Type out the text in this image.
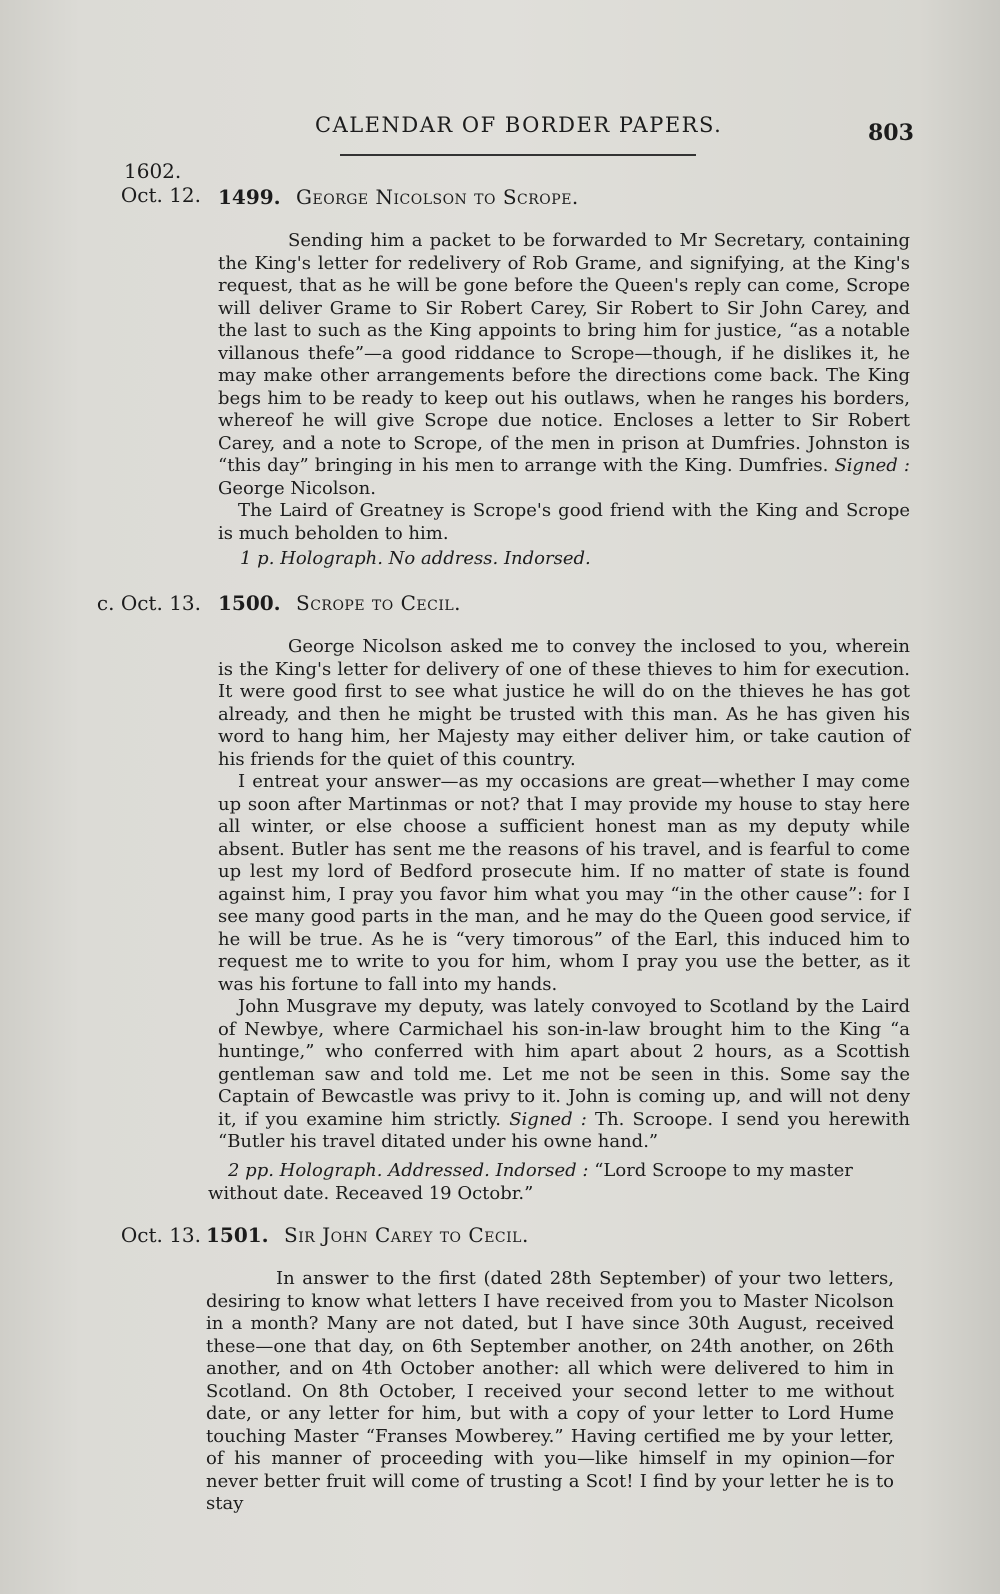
CALENDAR OF BORDER PAPERS.	803
1602.
Oct. 12. 1499. George Nicolson to Scrope.

Sending him a packet to be forwarded to Mr Secretary, containing the King's letter for redelivery of Rob Grame, and signifying, at the King's request, that as he will be gone before the Queen's reply can come, Scrope will deliver Grame to Sir Robert Carey, Sir Robert to Sir John Carey, and the last to such as the King appoints to bring him for justice, “as a notable villanous thefe”—a good riddance to Scrope—though, if he dislikes it, he may make other arrangements before the directions come back. The King begs him to be ready to keep out his outlaws, when he ranges his borders, whereof he will give Scrope due notice. Encloses a letter to Sir Robert Carey, and a note to Scrope, of the men in prison at Dumfries. Johnston is “this day” bringing in his men to arrange with the King. Dumfries. Signed : George Nicolson.

The Laird of Greatney is Scrope's good friend with the King and Scrope is much beholden to him.

1 p. Holograph. No address. Indorsed.
c. Oct. 13. 1500. Scrope to Cecil.

George Nicolson asked me to convey the inclosed to you, wherein is the King's letter for delivery of one of these thieves to him for execution. It were good first to see what justice he will do on the thieves he has got already, and then he might be trusted with this man. As he has given his word to hang him, her Majesty may either deliver him, or take caution of his friends for the quiet of this country.

I entreat your answer—as my occasions are great—whether I may come up soon after Martinmas or not? that I may provide my house to stay here all winter, or else choose a sufficient honest man as my deputy while absent. Butler has sent me the reasons of his travel, and is fearful to come up lest my lord of Bedford prosecute him. If no matter of state is found against him, I pray you favor him what you may “in the other cause”: for I see many good parts in the man, and he may do the Queen good service, if he will be true. As he is “very timorous” of the Earl, this induced him to request me to write to you for him, whom I pray you use the better, as it was his fortune to fall into my hands.

John Musgrave my deputy, was lately convoyed to Scotland by the Laird of Newbye, where Carmichael his son-in-law brought him to the King “a huntinge,” who conferred with him apart about 2 hours, as a Scottish gentleman saw and told me. Let me not be seen in this. Some say the Captain of Bewcastle was privy to it. John is coming up, and will not deny it, if you examine him strictly. Signed : Th. Scroope. I send you herewith “Butler his travel ditated under his owne hand.”

2 pp. Holograph. Addressed. Indorsed : “Lord Scroope to my master without date. Receaved 19 Octobr.”
Oct. 13. 1501. Sir John Carey to Cecil.

In answer to the first (dated 28th September) of your two letters, desiring to know what letters I have received from you to Master Nicolson in a month? Many are not dated, but I have since 30th August, received these—one that day, on 6th September another, on 24th another, on 26th another, and on 4th October another: all which were delivered to him in Scotland. On 8th October, I received your second letter to me without date, or any letter for him, but with a copy of your letter to Lord Hume touching Master “Franses Mowberey.” Having certified me by your letter, of his manner of proceeding with you—like himself in my opinion—for never better fruit will come of trusting a Scot! I find by your letter he is to stay
